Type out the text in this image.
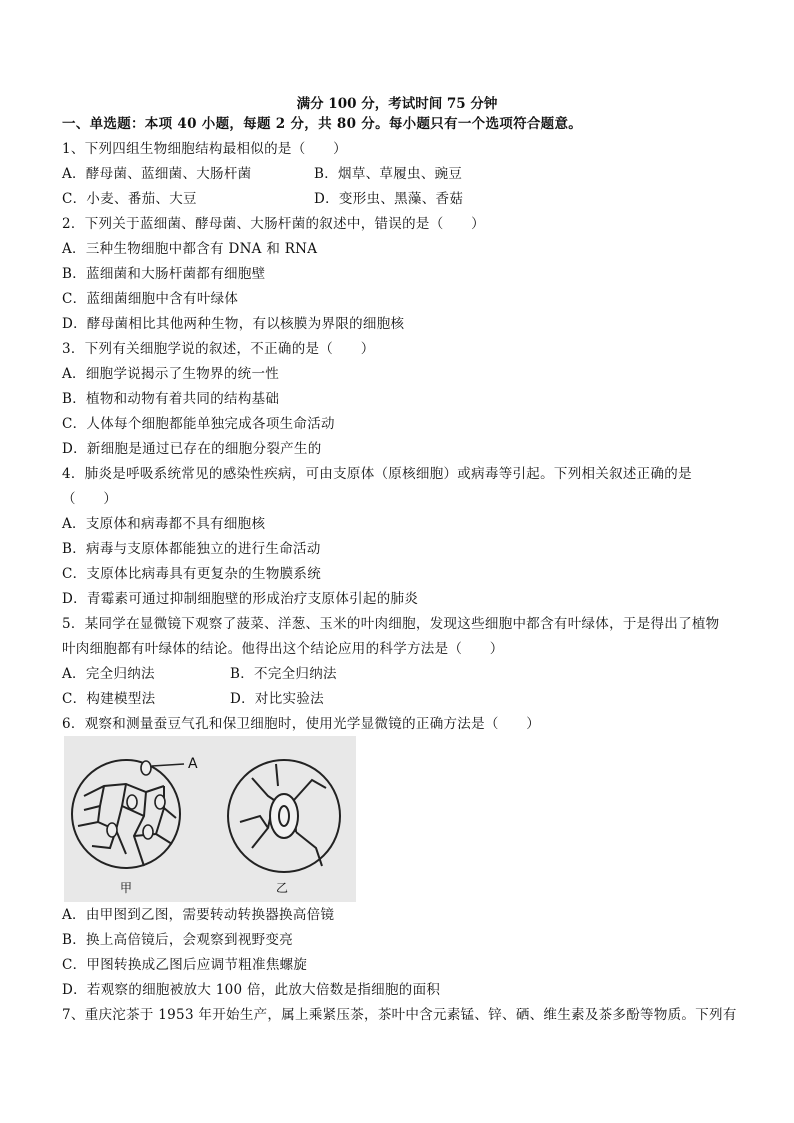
满分 100 分，考试时间 75 分钟
一、单选题：本项 40 小题，每题 2 分，共 80 分。每小题只有一个选项符合题意。
1、下列四组生物细胞结构最相似的是（　　）
A．酵母菌、蓝细菌、大肠杆菌	B．烟草、草履虫、豌豆
C．小麦、番茄、大豆	D．变形虫、黑藻、香菇
2．下列关于蓝细菌、酵母菌、大肠杆菌的叙述中，错误的是（　　）
A．三种生物细胞中都含有 DNA 和 RNA
B．蓝细菌和大肠杆菌都有细胞壁
C．蓝细菌细胞中含有叶绿体
D．酵母菌相比其他两种生物，有以核膜为界限的细胞核
3．下列有关细胞学说的叙述，不正确的是（　　）
A．细胞学说揭示了生物界的统一性
B．植物和动物有着共同的结构基础
C．人体每个细胞都能单独完成各项生命活动
D．新细胞是通过已存在的细胞分裂产生的
4．肺炎是呼吸系统常见的感染性疾病，可由支原体（原核细胞）或病毒等引起。下列相关叙述正确的是
（　　）
A．支原体和病毒都不具有细胞核
B．病毒与支原体都能独立的进行生命活动
C．支原体比病毒具有更复杂的生物膜系统
D．青霉素可通过抑制细胞壁的形成治疗支原体引起的肺炎
5．某同学在显微镜下观察了菠菜、洋葱、玉米的叶肉细胞，发现这些细胞中都含有叶绿体，于是得出了植物
叶肉细胞都有叶绿体的结论。他得出这个结论应用的科学方法是（　　）
A．完全归纳法	B．不完全归纳法
C．构建模型法	D．对比实验法
6．观察和测量蚕豆气孔和保卫细胞时，使用光学显微镜的正确方法是（　　）
A
甲	乙
A．由甲图到乙图，需要转动转换器换高倍镜
B．换上高倍镜后，会观察到视野变亮
C．甲图转换成乙图后应调节粗准焦螺旋
D．若观察的细胞被放大 100 倍，此放大倍数是指细胞的面积
7、重庆沱茶于 1953 年开始生产，属上乘紧压茶，茶叶中含元素锰、锌、硒、维生素及茶多酚等物质。下列有
